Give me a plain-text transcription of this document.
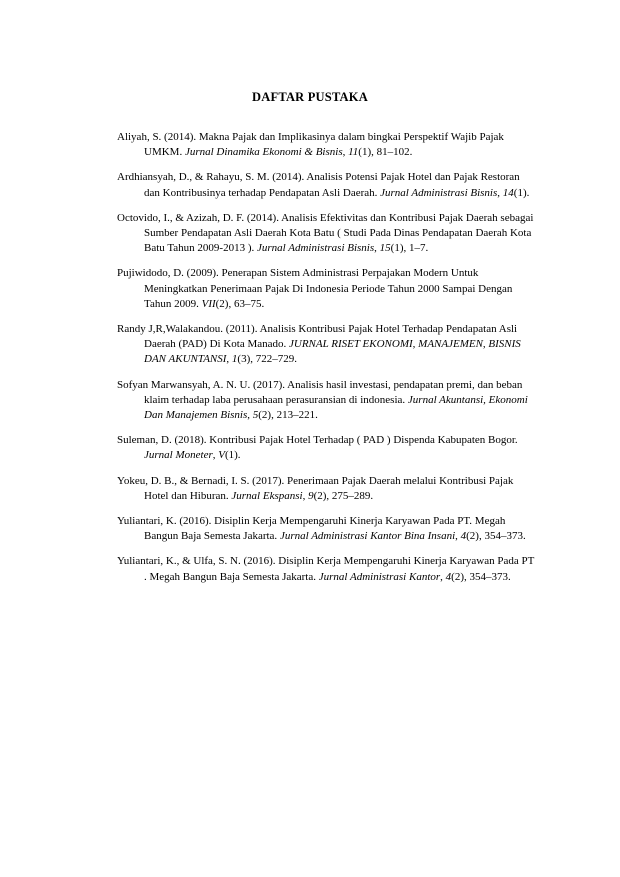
DAFTAR PUSTAKA

Aliyah, S. (2014). Makna Pajak dan Implikasinya dalam bingkai Perspektif Wajib Pajak UMKM. Jurnal Dinamika Ekonomi & Bisnis, 11(1), 81–102.

Ardhiansyah, D., & Rahayu, S. M. (2014). Analisis Potensi Pajak Hotel dan Pajak Restoran dan Kontribusinya terhadap Pendapatan Asli Daerah. Jurnal Administrasi Bisnis, 14(1).

Octovido, I., & Azizah, D. F. (2014). Analisis Efektivitas dan Kontribusi Pajak Daerah sebagai Sumber Pendapatan Asli Daerah Kota Batu ( Studi Pada Dinas Pendapatan Daerah Kota Batu Tahun 2009-2013 ). Jurnal Administrasi Bisnis, 15(1), 1–7.

Pujiwidodo, D. (2009). Penerapan Sistem Administrasi Perpajakan Modern Untuk Meningkatkan Penerimaan Pajak Di Indonesia Periode Tahun 2000 Sampai Dengan Tahun 2009. VII(2), 63–75.

Randy J,R,Walakandou. (2011). Analisis Kontribusi Pajak Hotel Terhadap Pendapatan Asli Daerah (PAD) Di Kota Manado. JURNAL RISET EKONOMI, MANAJEMEN, BISNIS DAN AKUNTANSI, 1(3), 722–729.

Sofyan Marwansyah, A. N. U. (2017). Analisis hasil investasi, pendapatan premi, dan beban klaim terhadap laba perusahaan perasuransian di indonesia. Jurnal Akuntansi, Ekonomi Dan Manajemen Bisnis, 5(2), 213–221.

Suleman, D. (2018). Kontribusi Pajak Hotel Terhadap ( PAD ) Dispenda Kabupaten Bogor. Jurnal Moneter, V(1).

Yokeu, D. B., & Bernadi, I. S. (2017). Penerimaan Pajak Daerah melalui Kontribusi Pajak Hotel dan Hiburan. Jurnal Ekspansi, 9(2), 275–289.

Yuliantari, K. (2016). Disiplin Kerja Mempengaruhi Kinerja Karyawan Pada PT. Megah Bangun Baja Semesta Jakarta. Jurnal Administrasi Kantor Bina Insani, 4(2), 354–373.

Yuliantari, K., & Ulfa, S. N. (2016). Disiplin Kerja Mempengaruhi Kinerja Karyawan Pada PT . Megah Bangun Baja Semesta Jakarta. Jurnal Administrasi Kantor, 4(2), 354–373.
